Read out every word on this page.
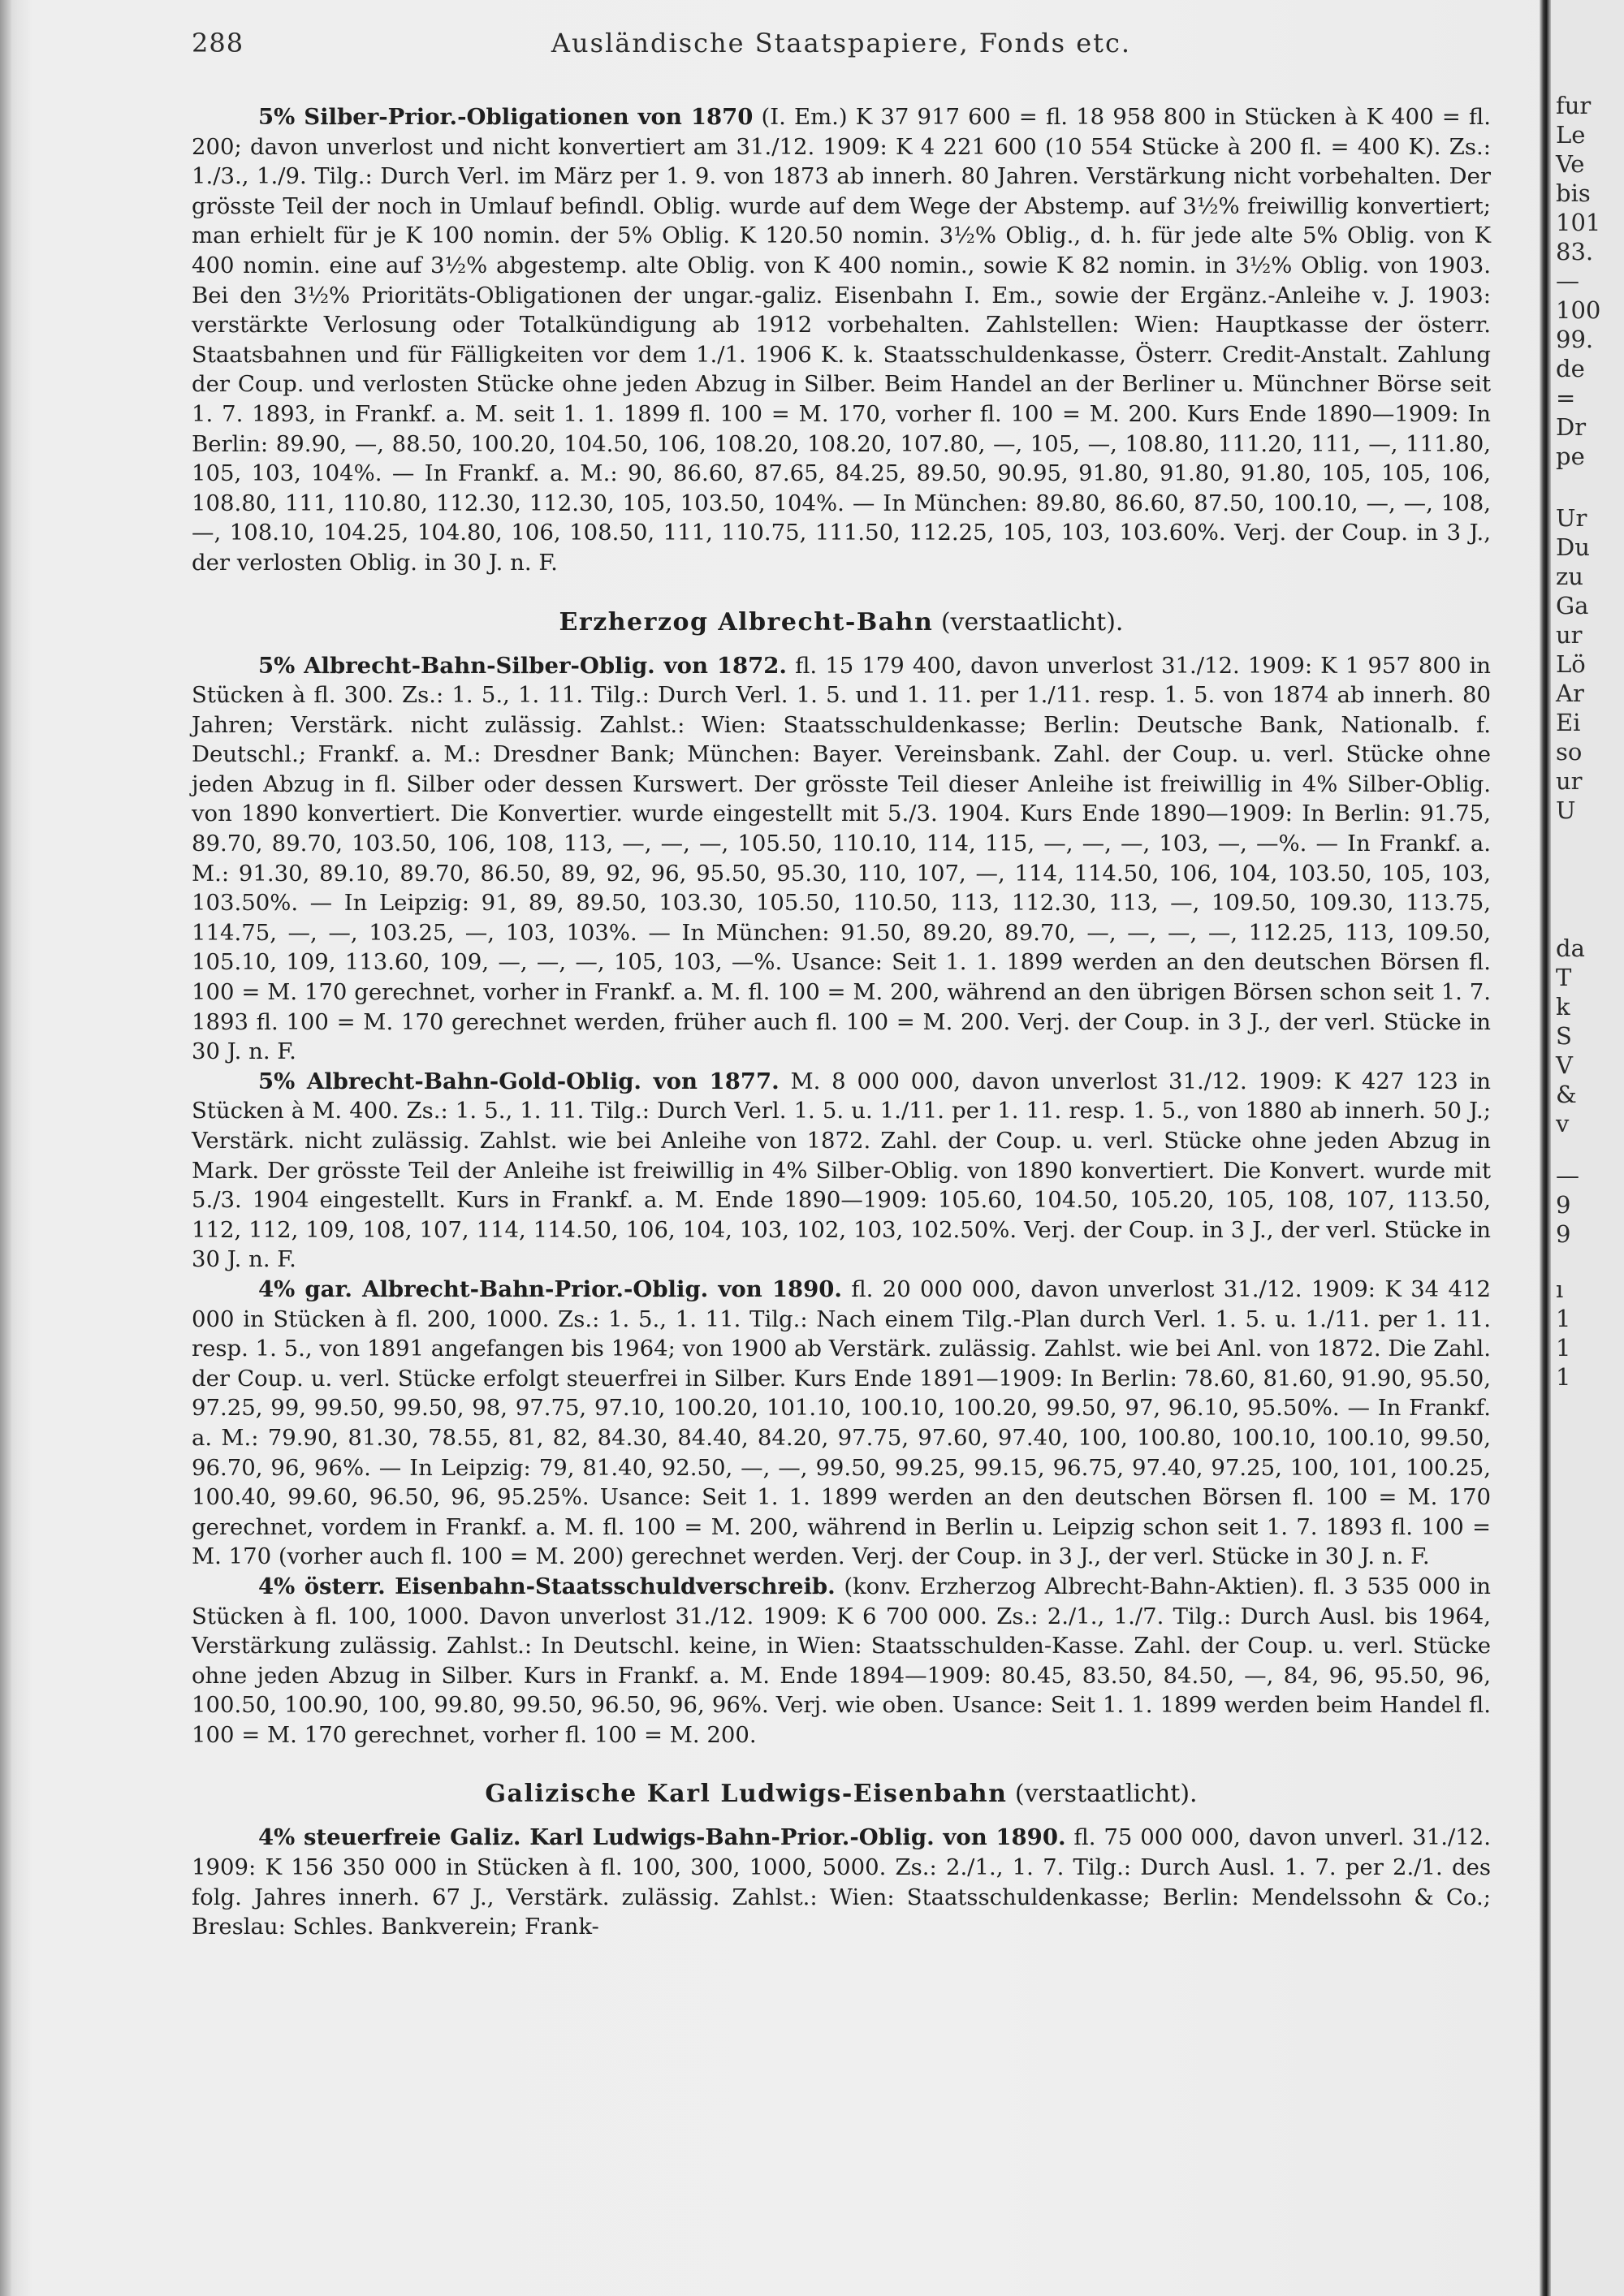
fur
Le
Ve
bis
101
83.
—
100
99.
de
=
Dr
pe
Ur
Du
zu
Ga
ur
Lö
Ar
Ei
so
ur
U
da
T
k
S
V
&
v
—
9
9
ı
1
1
1
288	Ausländische Staatspapiere, Fonds etc.

5% Silber-Prior.-Obligationen von 1870 (I. Em.) K 37 917 600 = fl. 18 958 800 in Stücken à K 400 = fl. 200; davon unverlost und nicht konvertiert am 31./12. 1909: K 4 221 600 (10 554 Stücke à 200 fl. = 400 K). Zs.: 1./3., 1./9. Tilg.: Durch Verl. im März per 1. 9. von 1873 ab innerh. 80 Jahren. Verstärkung nicht vorbehalten. Der grösste Teil der noch in Umlauf befindl. Oblig. wurde auf dem Wege der Abstemp. auf 3½% freiwillig konvertiert; man erhielt für je K 100 nomin. der 5% Oblig. K 120.50 nomin. 3½% Oblig., d. h. für jede alte 5% Oblig. von K 400 nomin. eine auf 3½% abgestemp. alte Oblig. von K 400 nomin., sowie K 82 nomin. in 3½% Oblig. von 1903. Bei den 3½% Prioritäts-Obligationen der ungar.-galiz. Eisenbahn I. Em., sowie der Ergänz.-Anleihe v. J. 1903: verstärkte Verlosung oder Totalkündigung ab 1912 vorbehalten. Zahlstellen: Wien: Hauptkasse der österr. Staatsbahnen und für Fälligkeiten vor dem 1./1. 1906 K. k. Staatsschuldenkasse, Österr. Credit-Anstalt. Zahlung der Coup. und verlosten Stücke ohne jeden Abzug in Silber. Beim Handel an der Berliner u. Münchner Börse seit 1. 7. 1893, in Frankf. a. M. seit 1. 1. 1899 fl. 100 = M. 170, vorher fl. 100 = M. 200. Kurs Ende 1890—1909: In Berlin: 89.90, —, 88.50, 100.20, 104.50, 106, 108.20, 108.20, 107.80, —, 105, —, 108.80, 111.20, 111, —, 111.80, 105, 103, 104%. — In Frankf. a. M.: 90, 86.60, 87.65, 84.25, 89.50, 90.95, 91.80, 91.80, 91.80, 105, 105, 106, 108.80, 111, 110.80, 112.30, 112.30, 105, 103.50, 104%. — In München: 89.80, 86.60, 87.50, 100.10, —, —, 108, —, 108.10, 104.25, 104.80, 106, 108.50, 111, 110.75, 111.50, 112.25, 105, 103, 103.60%. Verj. der Coup. in 3 J., der verlosten Oblig. in 30 J. n. F.

Erzherzog Albrecht-Bahn (verstaatlicht).

5% Albrecht-Bahn-Silber-Oblig. von 1872. fl. 15 179 400, davon unverlost 31./12. 1909: K 1 957 800 in Stücken à fl. 300. Zs.: 1. 5., 1. 11. Tilg.: Durch Verl. 1. 5. und 1. 11. per 1./11. resp. 1. 5. von 1874 ab innerh. 80 Jahren; Verstärk. nicht zulässig. Zahlst.: Wien: Staatsschuldenkasse; Berlin: Deutsche Bank, Nationalb. f. Deutschl.; Frankf. a. M.: Dresdner Bank; München: Bayer. Vereinsbank. Zahl. der Coup. u. verl. Stücke ohne jeden Abzug in fl. Silber oder dessen Kurswert. Der grösste Teil dieser Anleihe ist freiwillig in 4% Silber-Oblig. von 1890 konvertiert. Die Konvertier. wurde eingestellt mit 5./3. 1904. Kurs Ende 1890—1909: In Berlin: 91.75, 89.70, 89.70, 103.50, 106, 108, 113, —, —, —, 105.50, 110.10, 114, 115, —, —, —, 103, —, —%. — In Frankf. a. M.: 91.30, 89.10, 89.70, 86.50, 89, 92, 96, 95.50, 95.30, 110, 107, —, 114, 114.50, 106, 104, 103.50, 105, 103, 103.50%. — In Leipzig: 91, 89, 89.50, 103.30, 105.50, 110.50, 113, 112.30, 113, —, 109.50, 109.30, 113.75, 114.75, —, —, 103.25, —, 103, 103%. — In München: 91.50, 89.20, 89.70, —, —, —, —, 112.25, 113, 109.50, 105.10, 109, 113.60, 109, —, —, —, 105, 103, —%. Usance: Seit 1. 1. 1899 werden an den deutschen Börsen fl. 100 = M. 170 gerechnet, vorher in Frankf. a. M. fl. 100 = M. 200, während an den übrigen Börsen schon seit 1. 7. 1893 fl. 100 = M. 170 gerechnet werden, früher auch fl. 100 = M. 200. Verj. der Coup. in 3 J., der verl. Stücke in 30 J. n. F.

5% Albrecht-Bahn-Gold-Oblig. von 1877. M. 8 000 000, davon unverlost 31./12. 1909: K 427 123 in Stücken à M. 400. Zs.: 1. 5., 1. 11. Tilg.: Durch Verl. 1. 5. u. 1./11. per 1. 11. resp. 1. 5., von 1880 ab innerh. 50 J.; Verstärk. nicht zulässig. Zahlst. wie bei Anleihe von 1872. Zahl. der Coup. u. verl. Stücke ohne jeden Abzug in Mark. Der grösste Teil der Anleihe ist freiwillig in 4% Silber-Oblig. von 1890 konvertiert. Die Konvert. wurde mit 5./3. 1904 eingestellt. Kurs in Frankf. a. M. Ende 1890—1909: 105.60, 104.50, 105.20, 105, 108, 107, 113.50, 112, 112, 109, 108, 107, 114, 114.50, 106, 104, 103, 102, 103, 102.50%. Verj. der Coup. in 3 J., der verl. Stücke in 30 J. n. F.

4% gar. Albrecht-Bahn-Prior.-Oblig. von 1890. fl. 20 000 000, davon unverlost 31./12. 1909: K 34 412 000 in Stücken à fl. 200, 1000. Zs.: 1. 5., 1. 11. Tilg.: Nach einem Tilg.-Plan durch Verl. 1. 5. u. 1./11. per 1. 11. resp. 1. 5., von 1891 angefangen bis 1964; von 1900 ab Verstärk. zulässig. Zahlst. wie bei Anl. von 1872. Die Zahl. der Coup. u. verl. Stücke erfolgt steuerfrei in Silber. Kurs Ende 1891—1909: In Berlin: 78.60, 81.60, 91.90, 95.50, 97.25, 99, 99.50, 99.50, 98, 97.75, 97.10, 100.20, 101.10, 100.10, 100.20, 99.50, 97, 96.10, 95.50%. — In Frankf. a. M.: 79.90, 81.30, 78.55, 81, 82, 84.30, 84.40, 84.20, 97.75, 97.60, 97.40, 100, 100.80, 100.10, 100.10, 99.50, 96.70, 96, 96%. — In Leipzig: 79, 81.40, 92.50, —, —, 99.50, 99.25, 99.15, 96.75, 97.40, 97.25, 100, 101, 100.25, 100.40, 99.60, 96.50, 96, 95.25%. Usance: Seit 1. 1. 1899 werden an den deutschen Börsen fl. 100 = M. 170 gerechnet, vordem in Frankf. a. M. fl. 100 = M. 200, während in Berlin u. Leipzig schon seit 1. 7. 1893 fl. 100 = M. 170 (vorher auch fl. 100 = M. 200) gerechnet werden. Verj. der Coup. in 3 J., der verl. Stücke in 30 J. n. F.

4% österr. Eisenbahn-Staatsschuldverschreib. (konv. Erzherzog Albrecht-Bahn-Aktien). fl. 3 535 000 in Stücken à fl. 100, 1000. Davon unverlost 31./12. 1909: K 6 700 000. Zs.: 2./1., 1./7. Tilg.: Durch Ausl. bis 1964, Verstärkung zulässig. Zahlst.: In Deutschl. keine, in Wien: Staatsschulden-Kasse. Zahl. der Coup. u. verl. Stücke ohne jeden Abzug in Silber. Kurs in Frankf. a. M. Ende 1894—1909: 80.45, 83.50, 84.50, —, 84, 96, 95.50, 96, 100.50, 100.90, 100, 99.80, 99.50, 96.50, 96, 96%. Verj. wie oben. Usance: Seit 1. 1. 1899 werden beim Handel fl. 100 = M. 170 gerechnet, vorher fl. 100 = M. 200.

Galizische Karl Ludwigs-Eisenbahn (verstaatlicht).

4% steuerfreie Galiz. Karl Ludwigs-Bahn-Prior.-Oblig. von 1890. fl. 75 000 000, davon unverl. 31./12. 1909: K 156 350 000 in Stücken à fl. 100, 300, 1000, 5000. Zs.: 2./1., 1. 7. Tilg.: Durch Ausl. 1. 7. per 2./1. des folg. Jahres innerh. 67 J., Verstärk. zulässig. Zahlst.: Wien: Staatsschuldenkasse; Berlin: Mendelssohn & Co.; Breslau: Schles. Bankverein; Frank-
